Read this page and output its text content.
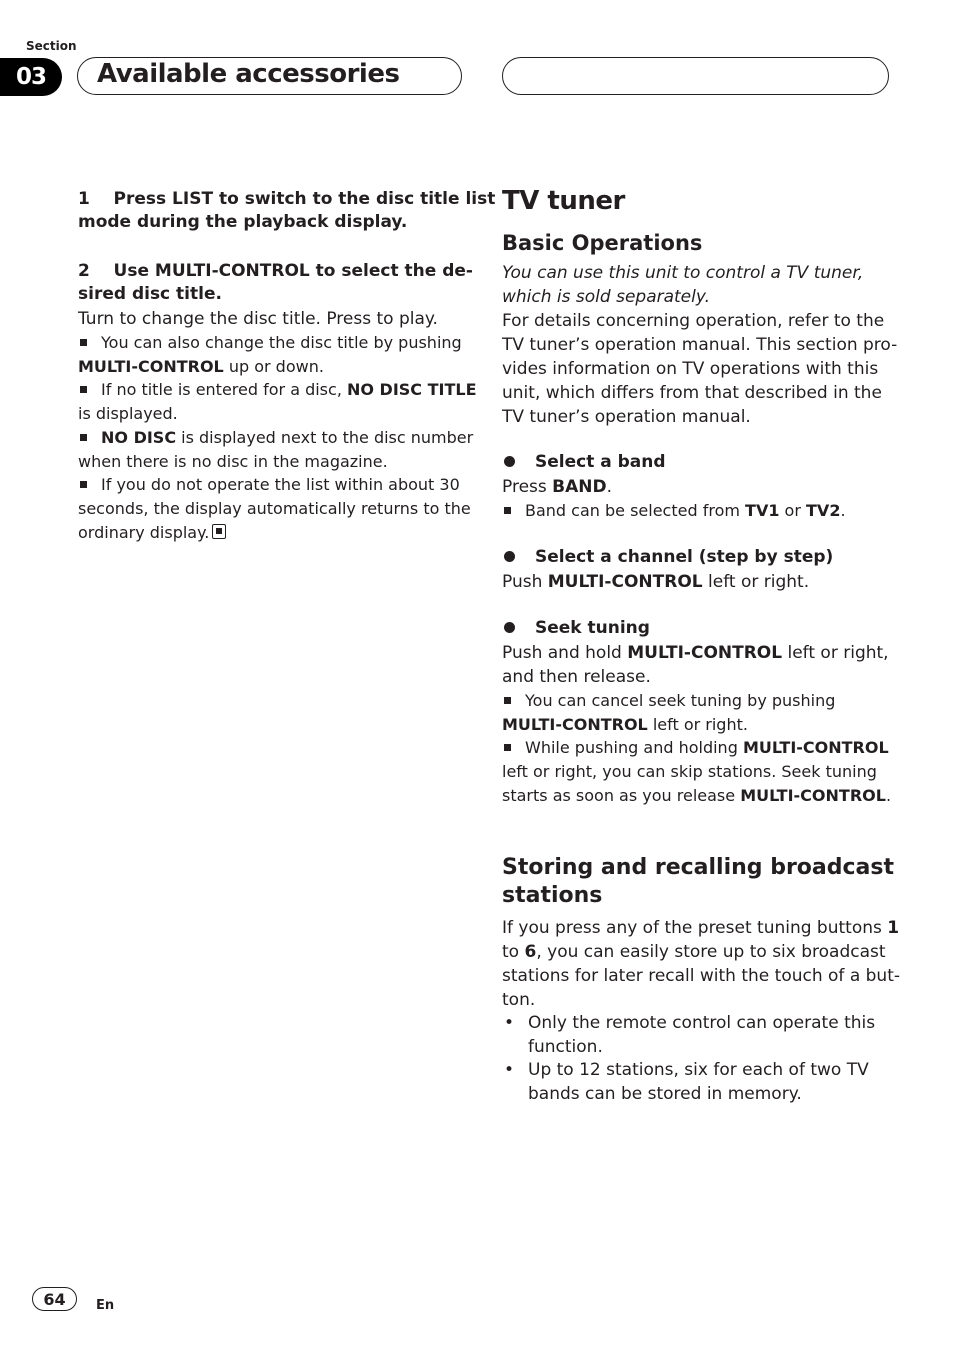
Section
03	Available accessories
1 Press LIST to switch to the disc title list
mode during the playback display.
2 Use MULTI-CONTROL to select the de-
sired disc title.
Turn to change the disc title. Press to play.
You can also change the disc title by pushing
MULTI-CONTROL up or down.
If no title is entered for a disc, NO DISC TITLE
is displayed.
NO DISC is displayed next to the disc number
when there is no disc in the magazine.
If you do not operate the list within about 30
seconds, the display automatically returns to the
ordinary display.
TV tuner
Basic Operations
You can use this unit to control a TV tuner,
which is sold separately.
For details concerning operation, refer to the
TV tuner’s operation manual. This section pro-
vides information on TV operations with this
unit, which differs from that described in the
TV tuner’s operation manual.
Select a band
Press BAND.
Band can be selected from TV1 or TV2.
Select a channel (step by step)
Push MULTI-CONTROL left or right.
Seek tuning
Push and hold MULTI-CONTROL left or right,
and then release.
You can cancel seek tuning by pushing
MULTI-CONTROL left or right.
While pushing and holding MULTI-CONTROL
left or right, you can skip stations. Seek tuning
starts as soon as you release MULTI-CONTROL.
Storing and recalling broadcast
stations
If you press any of the preset tuning buttons 1
to 6, you can easily store up to six broadcast
stations for later recall with the touch of a but-
ton.
• Only the remote control can operate this
function.
• Up to 12 stations, six for each of two TV
bands can be stored in memory.
64	En
